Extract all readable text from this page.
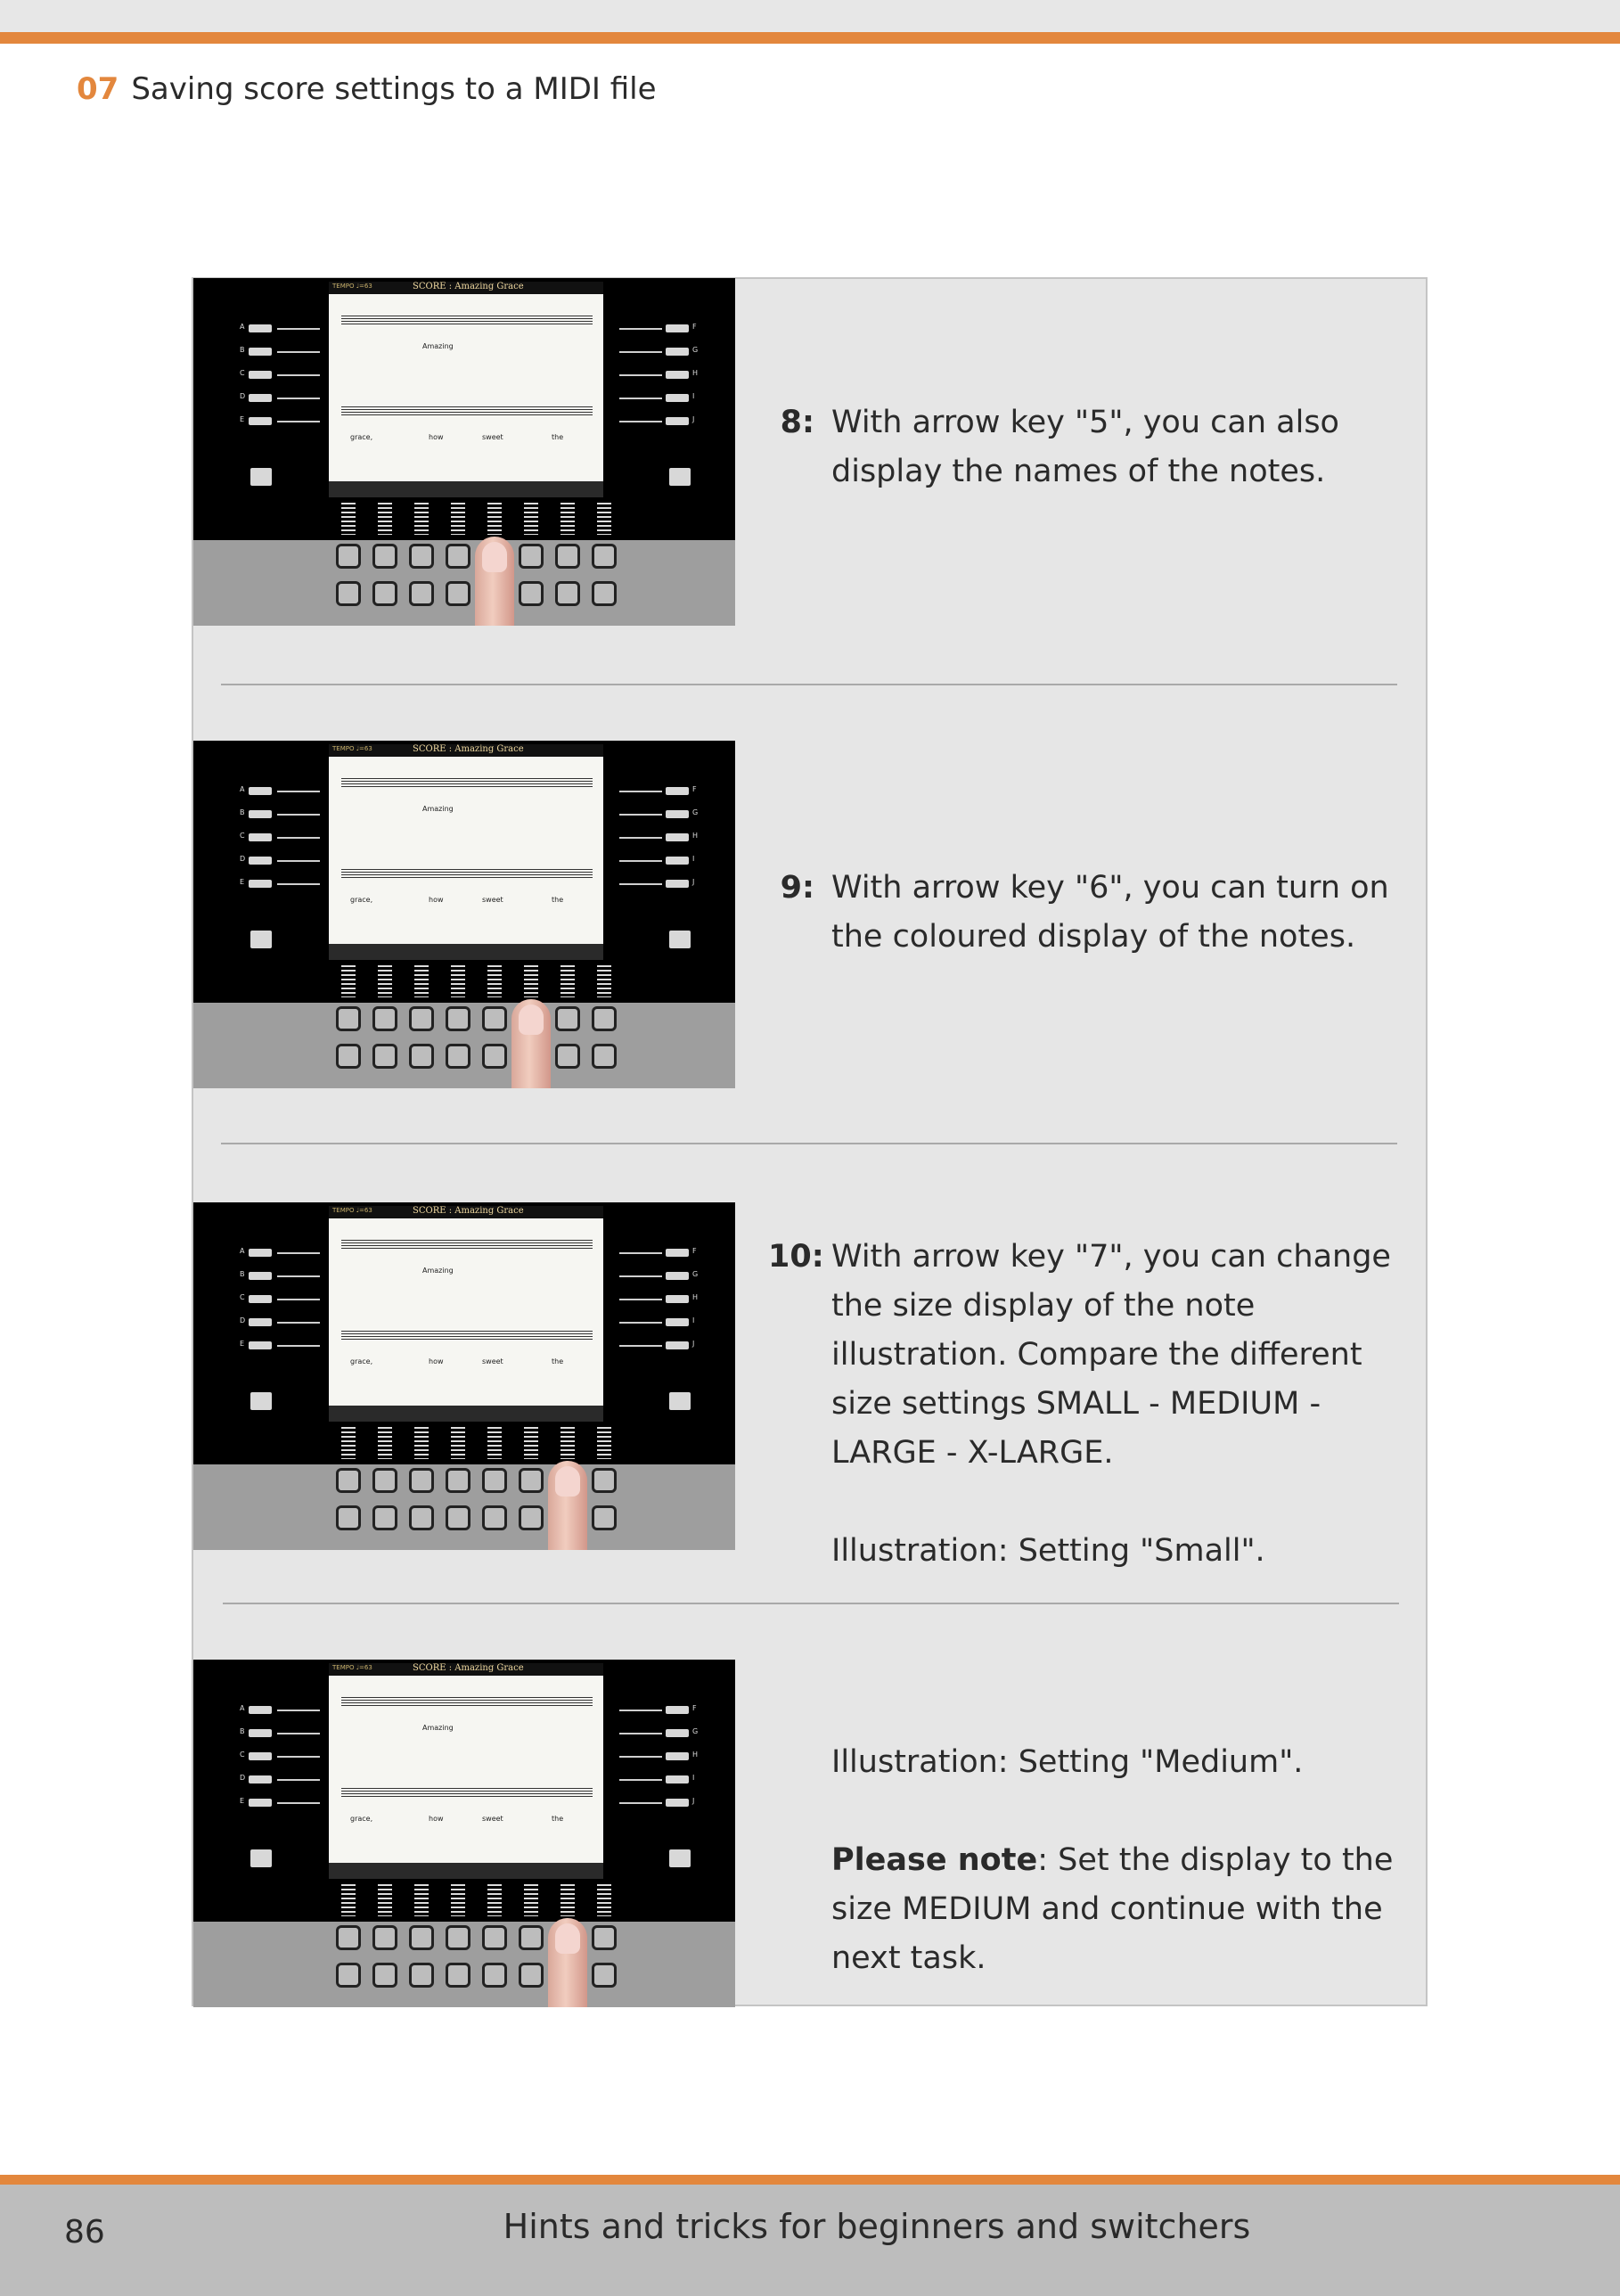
07 Saving score settings to a MIDI file
TEMPO ♩=63	SCORE : Amazing Grace
Amazing
grace,	how	sweet	the
A
B
C
D
E
F
G
H
I
J
TEMPO ♩=63	SCORE : Amazing Grace
Amazing
grace,	how	sweet	the
A
B
C
D
E
F
G
H
I
J
TEMPO ♩=63	SCORE : Amazing Grace
Amazing
grace,	how	sweet	the
A
B
C
D
E
F
G
H
I
J
TEMPO ♩=63	SCORE : Amazing Grace
Amazing
grace,	how	sweet	the
A
B
C
D
E
F
G
H
I
J
8: With arrow key "5", you can also display the names of the notes.
9: With arrow key "6", you can turn on the coloured display of the notes.
10: With arrow key "7", you can change the size display of the note illustration. Compare the different size settings SMALL - MEDIUM - LARGE - X-LARGE.

Illustration: Setting "Small".

Illustration: Setting "Medium".

Please note: Set the display to the size MEDIUM and continue with the next task.

86	Hints and tricks for beginners and switchers
